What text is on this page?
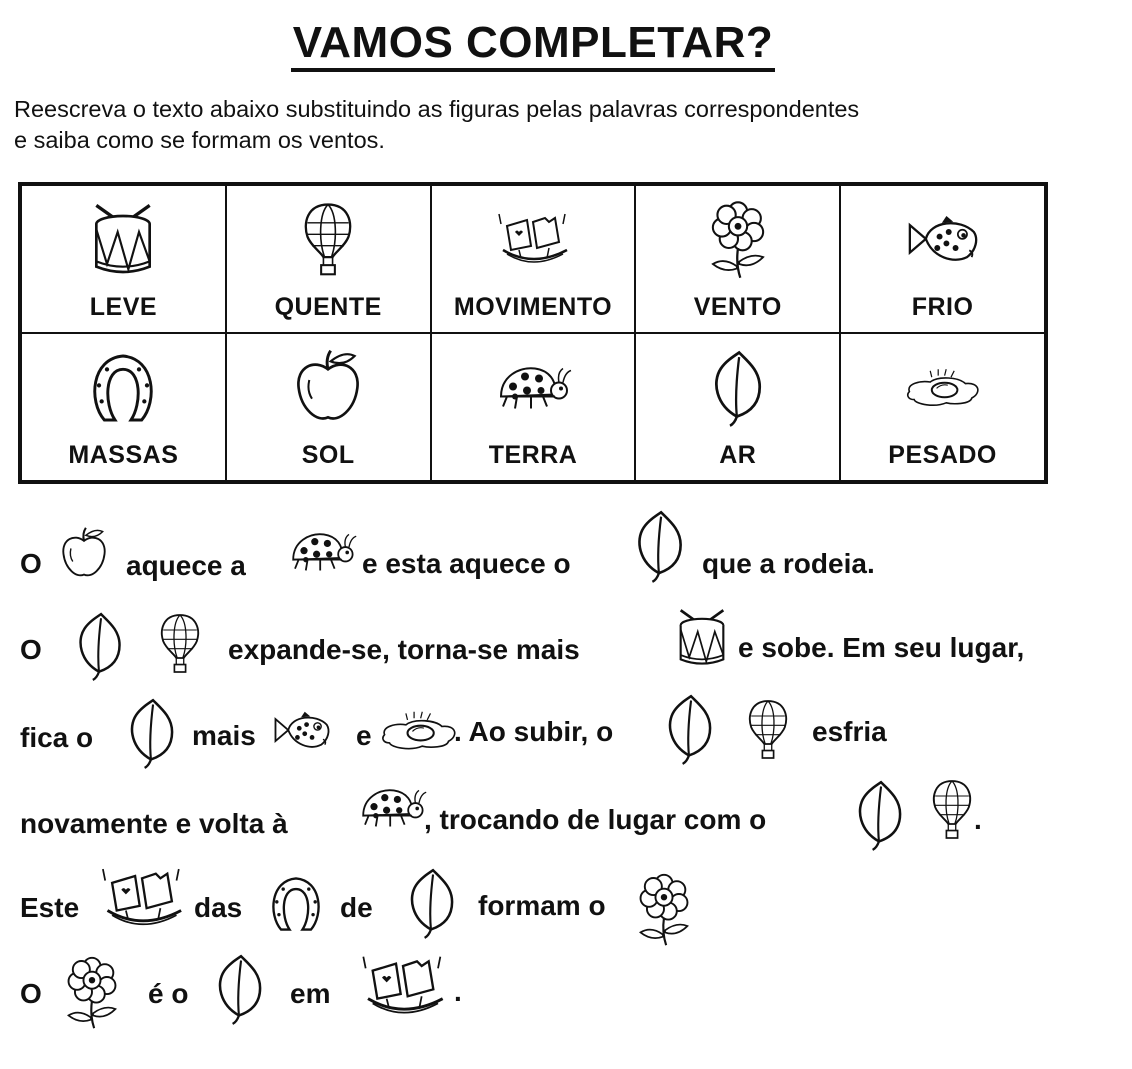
VAMOS COMPLETAR?
Reescreva o texto abaixo substituindo as figuras pelas palavras correspondentes
e saiba como se formam os ventos.
LEVE	QUENTE	MOVIMENTO	VENTO	FRIO
MASSAS	SOL	TERRA	AR	PESADO
O	aquece a	e esta aquece o	que a rodeia.
O	expande-se, torna-se mais	e sobe. Em seu lugar,
fica o	mais	e	. Ao subir, o	esfria
novamente e volta à	, trocando de lugar com o	.
Este	das	de	formam o
O	é o	em	.
